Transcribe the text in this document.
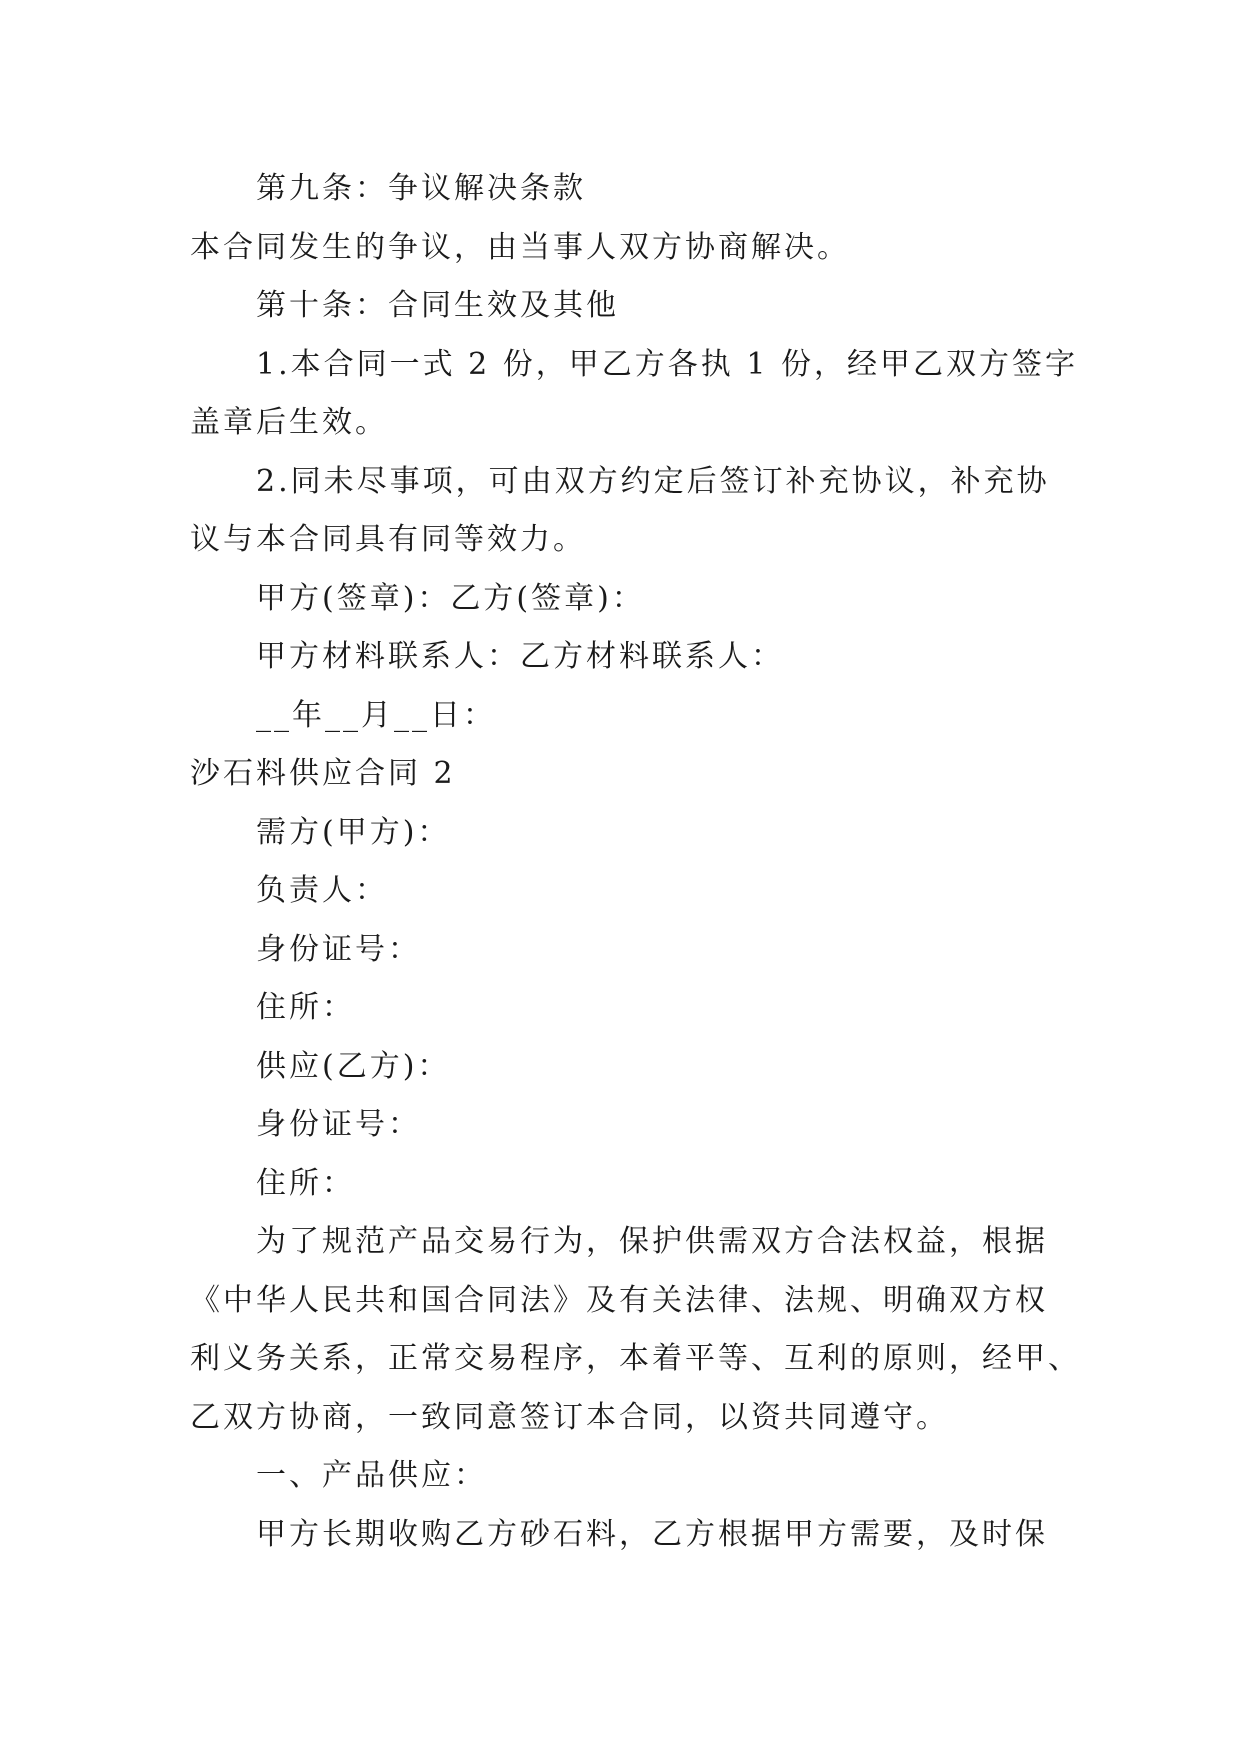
第九条：争议解决条款
本合同发生的争议，由当事人双方协商解决。
第十条：合同生效及其他
1.本合同一式 2 份，甲乙方各执 1 份，经甲乙双方签字
盖章后生效。
2.同未尽事项，可由双方约定后签订补充协议，补充协
议与本合同具有同等效力。
甲方(签章)：乙方(签章)：
甲方材料联系人：乙方材料联系人：
__年__月__日：
沙石料供应合同 2
需方(甲方)：
负责人：
身份证号：
住所：
供应(乙方)：
身份证号：
住所：
为了规范产品交易行为，保护供需双方合法权益，根据
《中华人民共和国合同法》及有关法律、法规、明确双方权
利义务关系，正常交易程序，本着平等、互利的原则，经甲、
乙双方协商，一致同意签订本合同，以资共同遵守。
一、产品供应：
甲方长期收购乙方砂石料，乙方根据甲方需要，及时保
